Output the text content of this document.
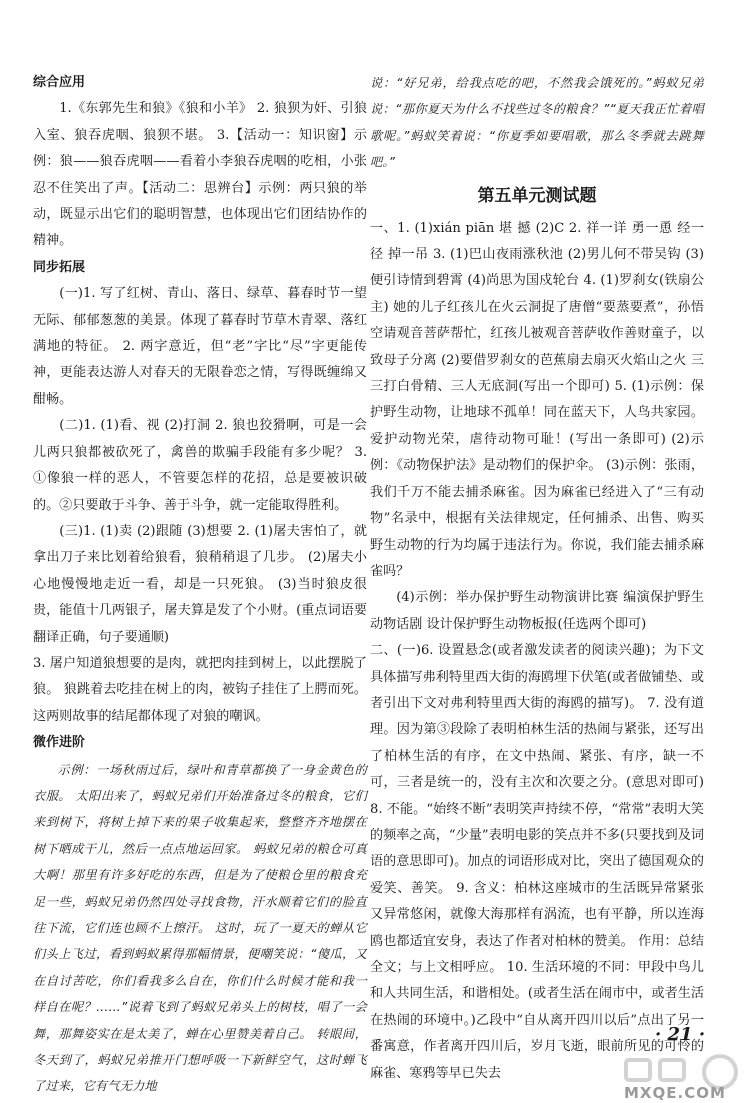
综合应用

1.《东郭先生和狼》《狼和小羊》 2. 狼狈为奸、引狼入室、狼吞虎咽、狼狈不堪。 3.【活动一：知识窗】示例：狼——狼吞虎咽——看着小李狼吞虎咽的吃相，小张忍不住笑出了声。【活动二：思辨台】示例：两只狼的举动，既显示出它们的聪明智慧，也体现出它们团结协作的精神。

同步拓展

(一)1. 写了红树、青山、落日、绿草、暮春时节一望无际、郁郁葱葱的美景。体现了暮春时节草木青翠、落红满地的特征。 2. 两字意近，但“老”字比“尽”字更能传神，更能表达游人对春天的无限眷恋之情，写得既缠绵又酣畅。

(二)1. (1)看、视 (2)打洞 2. 狼也狡猾啊，可是一会儿两只狼都被砍死了，禽兽的欺骗手段能有多少呢？ 3. ①像狼一样的恶人，不管要怎样的花招，总是要被识破的。②只要敢于斗争、善于斗争，就一定能取得胜利。

(三)1. (1)卖 (2)跟随 (3)想要 2. (1)屠夫害怕了，就拿出刀子来比划着给狼看，狼稍稍退了几步。 (2)屠夫小心地慢慢地走近一看，却是一只死狼。 (3)当时狼皮很贵，能值十几两银子，屠夫算是发了个小财。(重点词语要翻译正确，句子要通顺)

3. 屠户知道狼想要的是肉，就把肉挂到树上，以此摆脱了狼。 狼跳着去吃挂在树上的肉，被钩子挂住了上腭而死。这两则故事的结尾都体现了对狼的嘲讽。

微作进阶

示例：一场秋雨过后，绿叶和青草都换了一身金黄色的衣服。 太阳出来了，蚂蚁兄弟们开始准备过冬的粮食，它们来到树下，将树上掉下来的果子收集起来，整整齐齐地摆在树下晒成干儿，然后一点点地运回家。 蚂蚁兄弟的粮仓可真大啊！那里有许多好吃的东西，但是为了使粮仓里的粮食充足一些，蚂蚁兄弟仍然四处寻找食物，汗水顺着它们的脸直往下流，它们连也顾不上擦汗。 这时，玩了一夏天的蝉从它们头上飞过，看到蚂蚁累得那幅情景，便嘲笑说：“傻瓜，又在自讨苦吃，你们看我多么自在，你们什么时候才能和我一样自在呢？……”说着飞到了蚂蚁兄弟头上的树枝，唱了一会舞，那舞姿实在是太美了，蝉在心里赞美着自己。 转眼间，冬天到了，蚂蚁兄弟推开门想呼吸一下新鲜空气，这时蝉飞了过来，它有气无力地

说：“好兄弟，给我点吃的吧，不然我会饿死的。”蚂蚁兄弟说：“那你夏天为什么不找些过冬的粮食？”“夏天我正忙着唱歌呢。”蚂蚁笑着说：“你夏季如要唱歌，那么冬季就去跳舞吧。”

第五单元测试题

一、1. (1)xián piān 堪 撼 (2)C 2. 祥一详 勇一恿 经一径 掉一吊 3. (1)巴山夜雨涨秋池 (2)男儿何不带吴钩 (3)便引诗情到碧霄 (4)尚思为国戍轮台 4. (1)罗刹女(铁扇公主) 她的儿子红孩儿在火云洞捉了唐僧“要蒸要煮”，孙悟空请观音菩萨帮忙，红孩儿被观音菩萨收作善财童子，以致母子分离 (2)要借罗刹女的芭蕉扇去扇灭火焰山之火 三 三打白骨精、三人无底洞(写出一个即可) 5. (1)示例：保护野生动物，让地球不孤单！同在蓝天下，人鸟共家园。 爱护动物光荣，虐待动物可耻！(写出一条即可) (2)示例：《动物保护法》是动物们的保护伞。 (3)示例：张雨，我们千万不能去捕杀麻雀。因为麻雀已经进入了“三有动物”名录中，根据有关法律规定，任何捕杀、出售、购买野生动物的行为均属于违法行为。你说，我们能去捕杀麻雀吗？

(4)示例：举办保护野生动物演讲比赛 编演保护野生动物话剧 设计保护野生动物板报(任选两个即可)

二、(一)6. 设置悬念(或者激发读者的阅读兴趣)；为下文具体描写弗利特里西大街的海鸥埋下伏笔(或者做铺垫、或者引出下文对弗利特里西大街的海鸥的描写)。 7. 没有道理。因为第③段除了表明柏林生活的热闹与紧张，还写出了柏林生活的有序，在文中热闹、紧张、有序，缺一不可，三者是统一的，没有主次和次要之分。(意思对即可) 8. 不能。“始终不断”表明笑声持续不停，“常常”表明大笑的频率之高，“少量”表明电影的笑点并不多(只要找到及词语的意思即可)。加点的词语形成对比，突出了德国观众的爱笑、善笑。 9. 含义：柏林这座城市的生活既异常紧张又异常悠闲，就像大海那样有涡流，也有平静，所以连海鸥也都适宜安身，表达了作者对柏林的赞美。 作用：总结全文；与上文相呼应。 10. 生活环境的不同：甲段中鸟儿和人共同生活，和谐相处。(或者生活在闹市中，或者生活在热闹的环境中。)乙段中“自从离开四川以后”点出了另一番寓意，作者离开四川后，岁月飞逝，眼前所见的可怜的麻雀、寒鸦等早已失去

· 21 ·
MXQE.COM
